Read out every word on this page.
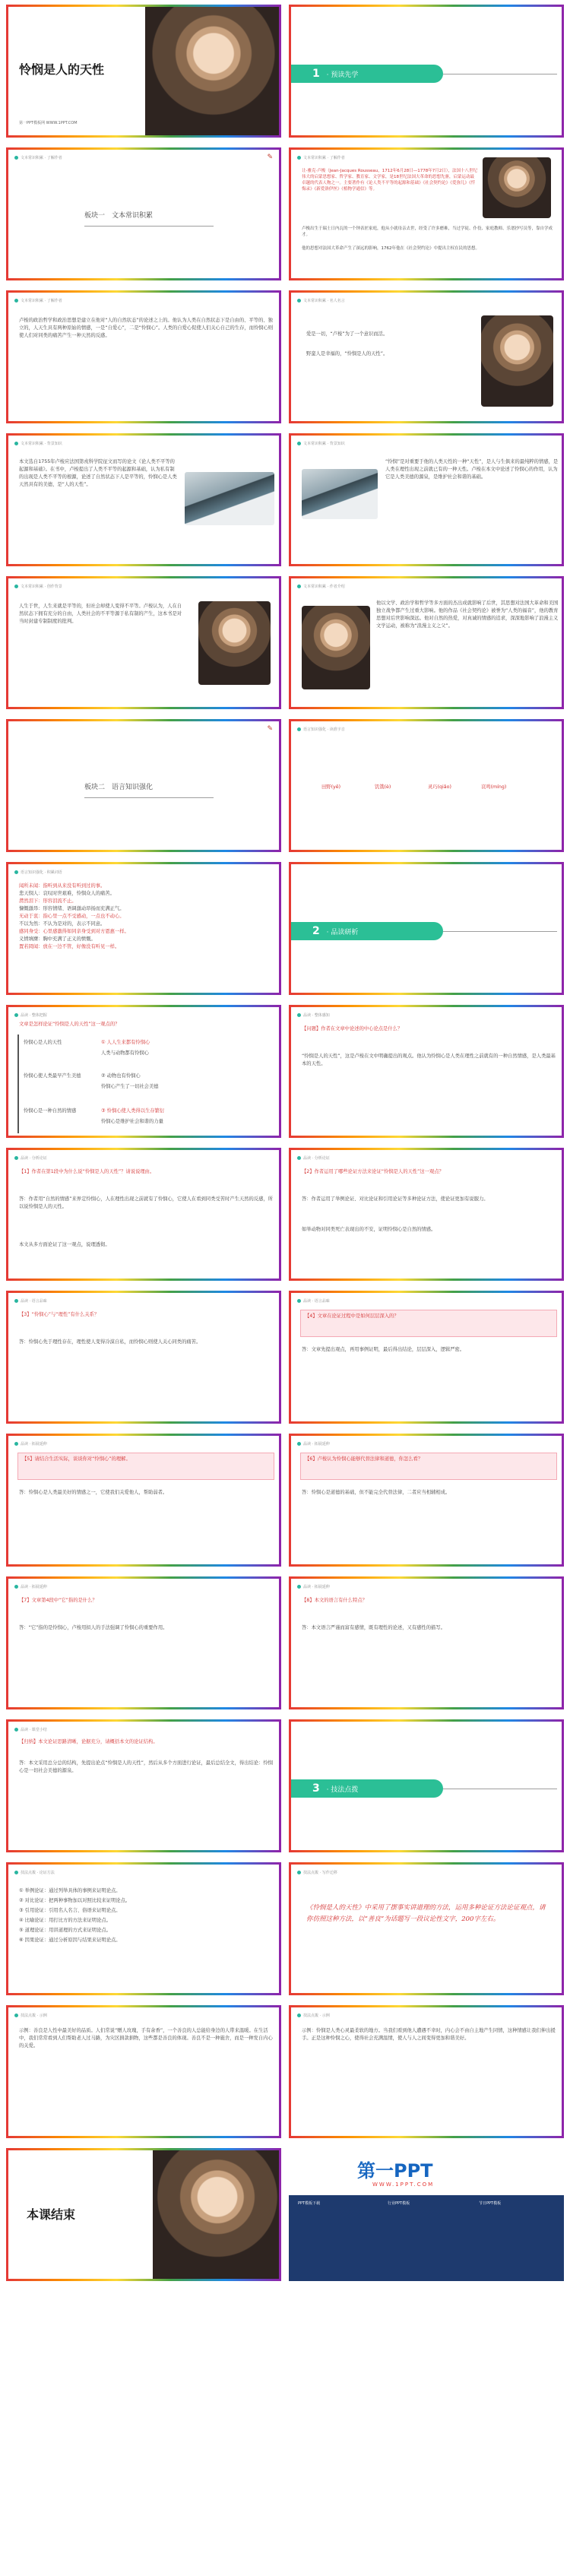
怜悯是人的天性
第一PPT模板网 WWW.1PPT.COM
1 · 预读先学
文本常识积累 · 了解作者	✎
板块一　文本常识积累
文本常识积累 · 了解作者
让-雅克·卢梭（Jean-Jacques Rousseau，1712年6月28日—1778年7月2日），法国十八世纪伟大的启蒙思想家、哲学家、教育家、文学家，是18世纪法国大革命的思想先驱，启蒙运动最卓越的代表人物之一。主要著作有《论人类不平等的起源和基础》《社会契约论》《爱弥儿》《忏悔录》《新爱洛伊丝》《植物学通信》等。
卢梭出生于瑞士日内瓦的一个钟表匠家庭，他从小就母亲去世，经受了许多磨难，当过学徒、仆役、家庭教师、乐谱抄写员等，靠自学成才。
他的思想对法国大革命产生了深远的影响，1762年他在《社会契约论》中提出主权在民的思想。
文本常识积累 · 了解作者
卢梭的政治哲学和政治思想是建立在他对“人的自然状态”的论述之上的。他认为人类在自然状态下是自由的、平等的、独立的，人天生具有两种原始的情感，一是“自爱心”，二是“怜悯心”。人类的自爱心促使人们关心自己的生存，而怜悯心则使人们对同类的痛苦产生一种天然的反感。
文本常识积累 · 名人名言
爱是一切，“卢梭”为了一个意识而活。
野蛮人是幸福的，“怜悯是人的天性”。
文本常识积累 · 背景知识
本文选自1755年卢梭应法国第戎科学院征文而写的论文《论人类不平等的起源和基础》。在书中，卢梭提出了人类不平等的起源和基础，认为私有制的出现是人类不平等的根源，论述了自然状态下人是平等的，怜悯心是人类天然具有的美德，是“人的天性”。
文本常识积累 · 背景知识
“怜悯”是对重要于他的人类天性的一种“天性”，是人与生俱来的最纯粹的情感，是人类在理性出现之前就已有的一种天性。卢梭在本文中论述了怜悯心的作用，认为它是人类美德的源泉，是维护社会和谐的基础。
文本常识积累 · 创作背景
人生于世，人生来就是平等的，但社会却使人变得不平等。卢梭认为，人在自然状态下拥有充分的自由，人类社会的不平等源于私有制的产生，这本书是对当时封建专制制度的批判。
文本常识积累 · 作者介绍
他以文学、政治学和哲学等多方面的杰出成就影响了后世，其思想对法国大革命和美国独立战争都产生过重大影响。他的作品《社会契约论》被誉为“人类的福音”，他的教育思想对后世影响深远。他对自然的热爱，对真诚的情感的追求，深深地影响了浪漫主义文学运动，被称为“浪漫主义之父”。
✎
板块二　语言知识强化
语言知识强化 · 读准字音
田野(yě)	饥饿(è)	灵巧(qiǎo)	哀鸣(míng)
语言知识强化 · 积累词语
闻所未闻：指听到从来没有听到过的事。
悲天悯人：哀叹时世艰难，怜悯众人的痛苦。
潸然泪下：形容泪流不止。
慷慨激昂：形容情绪、语调激动昂扬而充满正气。
无动于衷：指心里一点不受感动，一点也不动心。
不以为然：不认为是对的，表示不同意。
感同身受：心里感激得如同亲身受到对方恩惠一样。
义愤填膺：胸中充满了正义的愤慨。
置若罔闻：放在一边不管，好像没有听见一样。
2 · 品读研析
品读 · 整体把握
文章是怎样论证“怜悯是人的天性”这一观点的？
怜悯心是人的天性
怜悯心使人类最早产生美德
怜悯心是一种自然的情感
① 人人生来都有怜悯心
② 动物也有怜悯心
③ 怜悯心使人类得以生存繁衍
人类与动物都有怜悯心
怜悯心产生了一切社会美德
怜悯心是维护社会和谐的力量
品读 · 整体感知
【问题】作者在文章中论述的中心论点是什么？
“怜悯是人的天性”，这是卢梭在文中明确提出的观点。他认为怜悯心是人类在理性之前就有的一种自然情感，是人类最基本的天性。
品读 · 分析论证
【1】作者在第1段中为什么说“怜悯是人的天性”？请说说理由。
答：作者用“自然的情感”来界定怜悯心，人在理性出现之前就有了怜悯心，它使人在看到同类受苦时产生天然的反感，所以说怜悯是人的天性。
本文从多方面论证了这一观点，说理透彻。
品读 · 分析论证
【2】作者运用了哪些论证方法来论证“怜悯是人的天性”这一观点？
答：作者运用了举例论证、对比论证和引用论证等多种论证方法，使论证更加有说服力。
如举动物对同类死亡表现出的不安，证明怜悯心是自然的情感。
品读 · 语言品味
【3】“怜悯心”与“理性”有什么关系？
答：怜悯心先于理性存在，理性使人变得冷漠自私，而怜悯心则使人关心同类的痛苦。
品读 · 语言品味
【4】文章在论证过程中是如何层层深入的？
答：文章先提出观点，再用事例证明，最后得出结论，层层深入，逻辑严密。
品读 · 拓展延伸
【5】请结合生活实际，谈谈你对“怜悯心”的理解。
答：怜悯心是人类最美好的情感之一，它使我们关爱他人，帮助弱者。
品读 · 拓展延伸
【6】卢梭认为怜悯心能够代替法律和道德，你怎么看？
答：怜悯心是道德的基础，但不能完全代替法律，二者应当相辅相成。
品读 · 拓展延伸
【7】文章第4段中“它”指的是什么？
答：“它”指的是怜悯心，卢梭用拟人的手法强调了怜悯心的重要作用。
品读 · 拓展延伸
【8】本文的语言有什么特点？
答：本文语言严谨而富有感情，既有理性的论述，又有感性的描写。
品读 · 课堂小结
【归纳】本文论证思路清晰，论据充分，请概括本文的论证结构。
答：本文采用总分总的结构，先提出论点“怜悯是人的天性”，然后从多个方面进行论证，最后总结全文，得出结论：怜悯心是一切社会美德的源泉。
3 · 技法点拨
技法点拨 · 论证方法
① 举例论证：通过列举具体的事例来证明论点。
② 对比论证：把两种事物加以对照比较来证明论点。
③ 引用论证：引用名人名言、俗语来证明论点。
④ 比喻论证：用打比方的方法来证明论点。
⑤ 道理论证：用讲道理的方式来证明论点。
⑥ 因果论证：通过分析原因与结果来证明论点。
技法点拨 · 写作迁移
《怜悯是人的天性》中采用了摆事实讲道理的方法，运用多种论证方法论证观点，请你仿照这种方法，以“善良”为话题写一段议论性文字，200字左右。
技法点拨 · 示例
示例：善良是人性中最美好的品质。人们常说“赠人玫瑰，手有余香”，一个善良的人总能给身边的人带来温暖。在生活中，我们常常看到人们帮助老人过马路，为灾区捐款捐物，这些都是善良的体现。善良不是一种施舍，而是一种发自内心的关爱。
技法点拨 · 示例
示例：怜悯是人类心灵最柔软的地方。当我们看到他人遭遇不幸时，内心会不由自主地产生同情，这种情感让我们伸出援手。正是这种怜悯之心，使得社会充满温情，使人与人之间变得更加和谐美好。
本课结束
第一PPT
WWW.1PPT.COM
PPT模板下载	行业PPT模板	节日PPT模板
